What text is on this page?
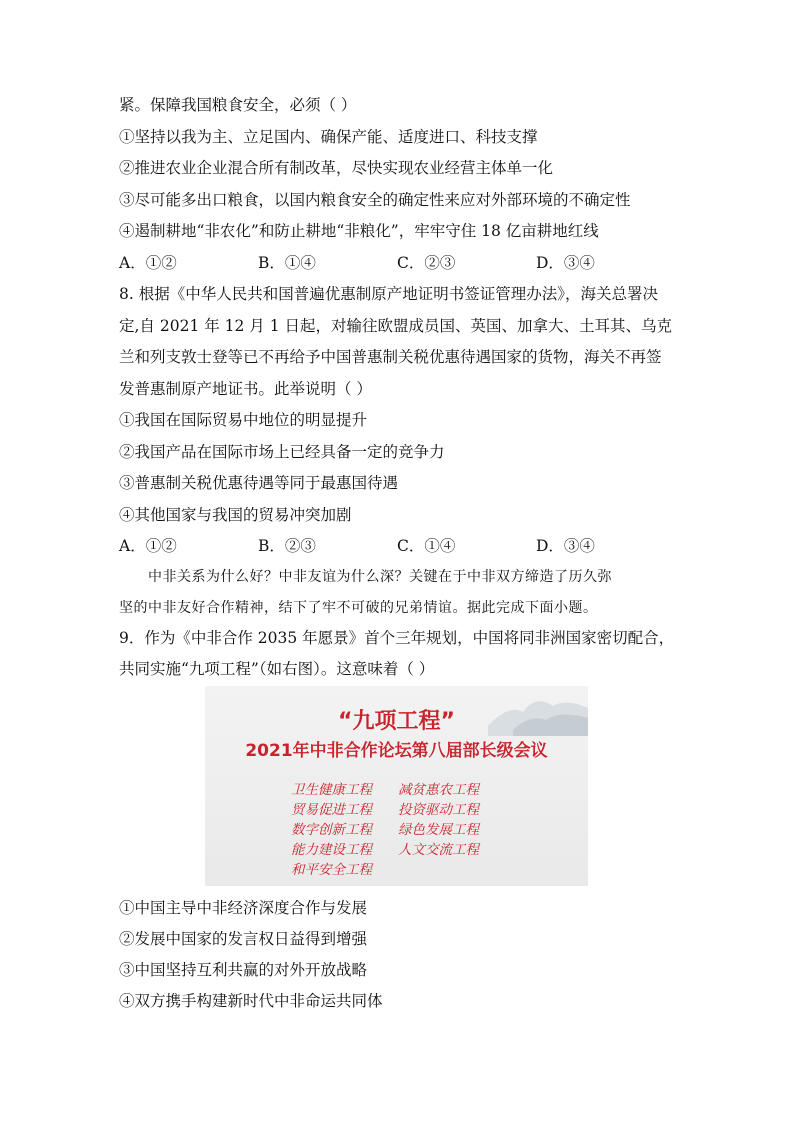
紧。保障我国粮食安全，必须（ ）
①坚持以我为主、立足国内、确保产能、适度进口、科技支撑
②推进农业企业混合所有制改革，尽快实现农业经营主体单一化
③尽可能多出口粮食，以国内粮食安全的确定性来应对外部环境的不确定性
④遏制耕地“非农化”和防止耕地“非粮化”，牢牢守住 18 亿亩耕地红线
A．①②	B．①④	C．②③	D．③④
8. 根据《中华人民共和国普遍优惠制原产地证明书签证管理办法》，海关总署决
定,自 2021 年 12 月 1 日起，对输往欧盟成员国、英国、加拿大、土耳其、乌克
兰和列支敦士登等已不再给予中国普惠制关税优惠待遇国家的货物，海关不再签
发普惠制原产地证书。此举说明（ ）
①我国在国际贸易中地位的明显提升
②我国产品在国际市场上已经具备一定的竞争力
③普惠制关税优惠待遇等同于最惠国待遇
④其他国家与我国的贸易冲突加剧
A．①②	B．②③	C．①④	D．③④
中非关系为什么好？中非友谊为什么深？关键在于中非双方缔造了历久弥
坚的中非友好合作精神，结下了牢不可破的兄弟情谊。据此完成下面小题。
9．作为《中非合作 2035 年愿景》首个三年规划，中国将同非洲国家密切配合，
共同实施“九项工程”（如右图）。这意味着（ ）
“九项工程”
2021年中非合作论坛第八届部长级会议
卫生健康工程
贸易促进工程
数字创新工程
能力建设工程
和平安全工程
减贫惠农工程
投资驱动工程
绿色发展工程
人文交流工程
①中国主导中非经济深度合作与发展
②发展中国家的发言权日益得到增强
③中国坚持互利共赢的对外开放战略
④双方携手构建新时代中非命运共同体
